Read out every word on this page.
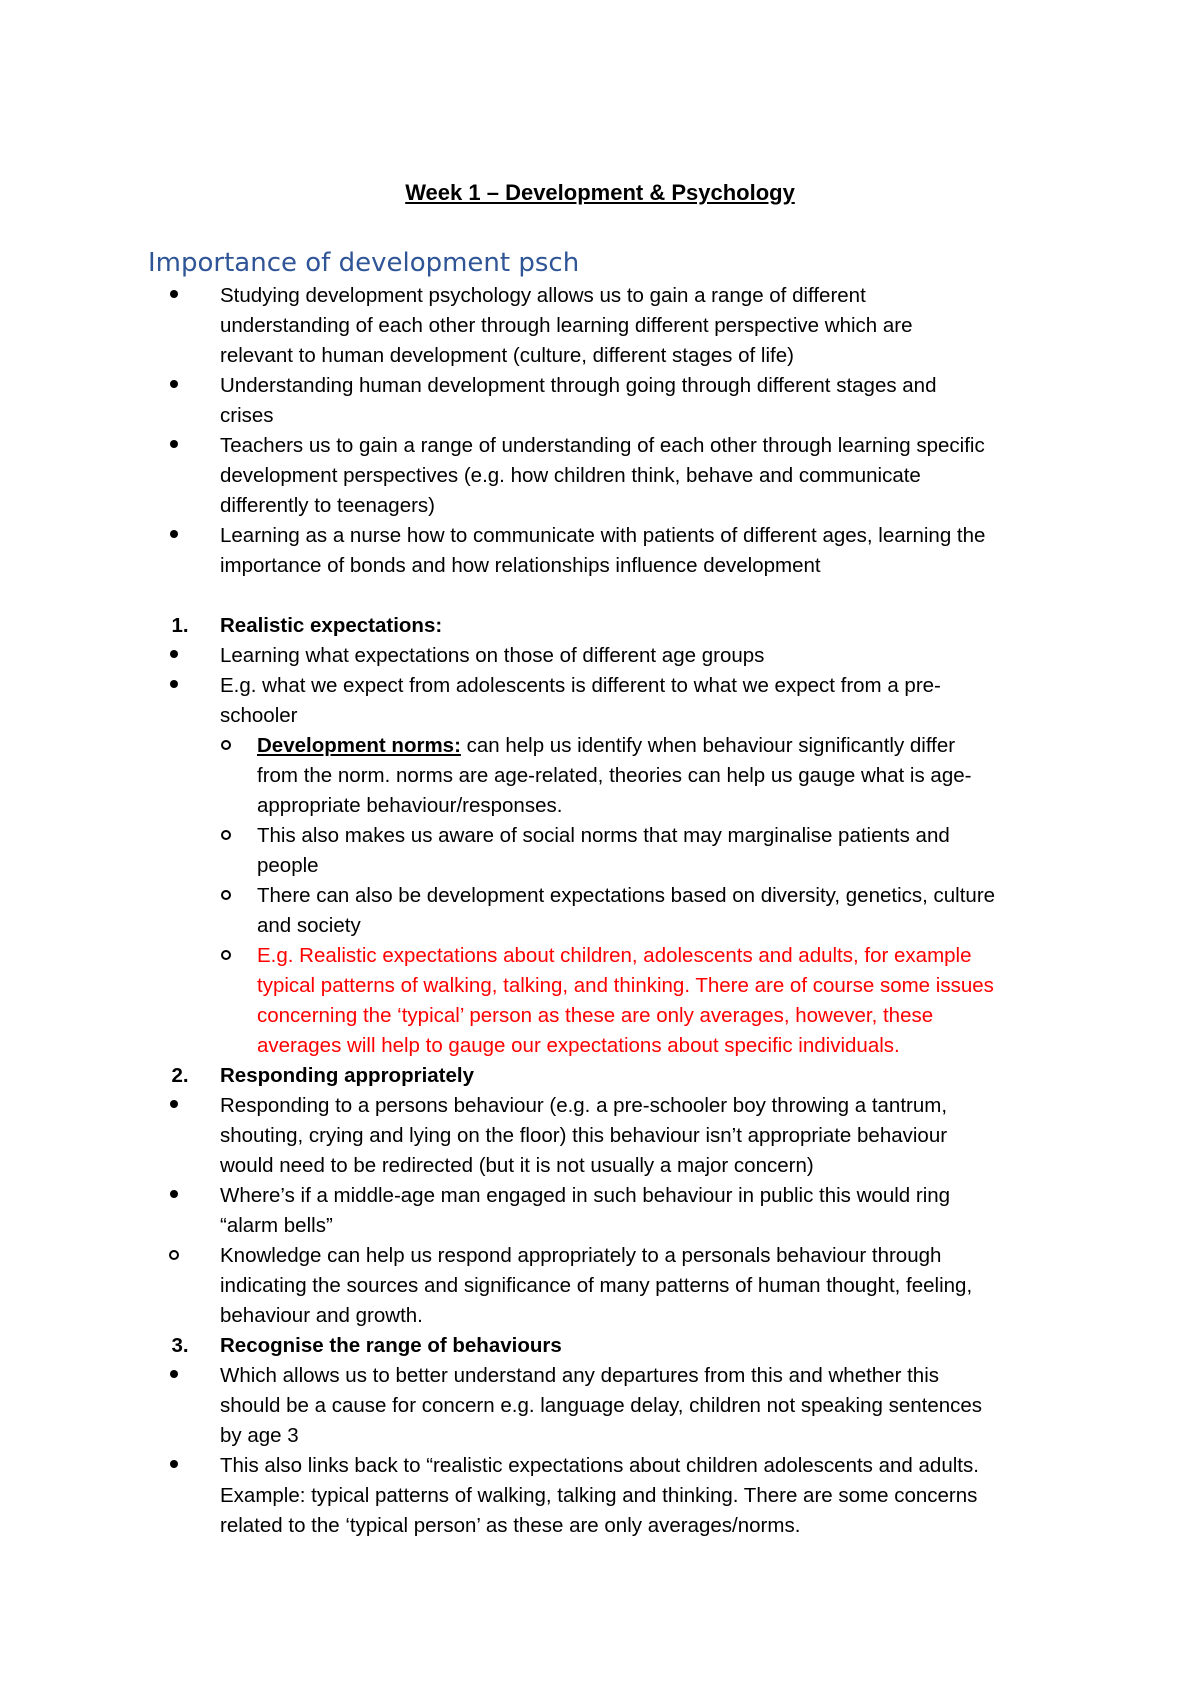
Week 1 – Development & Psychology
Importance of development psch
Studying development psychology allows us to gain a range of different
understanding of each other through learning different perspective which are
relevant to human development (culture, different stages of life)
Understanding human development through going through different stages and
crises
Teachers us to gain a range of understanding of each other through learning specific
development perspectives (e.g. how children think, behave and communicate
differently to teenagers)
Learning as a nurse how to communicate with patients of different ages, learning the
importance of bonds and how relationships influence development
1. Realistic expectations:
Learning what expectations on those of different age groups
E.g. what we expect from adolescents is different to what we expect from a pre-
schooler
Development norms: can help us identify when behaviour significantly differ
from the norm. norms are age-related, theories can help us gauge what is age-
appropriate behaviour/responses.
This also makes us aware of social norms that may marginalise patients and
people
There can also be development expectations based on diversity, genetics, culture
and society
E.g. Realistic expectations about children, adolescents and adults, for example
typical patterns of walking, talking, and thinking. There are of course some issues
concerning the ‘typical’ person as these are only averages, however, these
averages will help to gauge our expectations about specific individuals.
2. Responding appropriately
Responding to a persons behaviour (e.g. a pre-schooler boy throwing a tantrum,
shouting, crying and lying on the floor) this behaviour isn’t appropriate behaviour
would need to be redirected (but it is not usually a major concern)
Where’s if a middle-age man engaged in such behaviour in public this would ring
“alarm bells”
Knowledge can help us respond appropriately to a personals behaviour through
indicating the sources and significance of many patterns of human thought, feeling,
behaviour and growth.
3. Recognise the range of behaviours
Which allows us to better understand any departures from this and whether this
should be a cause for concern e.g. language delay, children not speaking sentences
by age 3
This also links back to “realistic expectations about children adolescents and adults.
Example: typical patterns of walking, talking and thinking. There are some concerns
related to the ‘typical person’ as these are only averages/norms.
